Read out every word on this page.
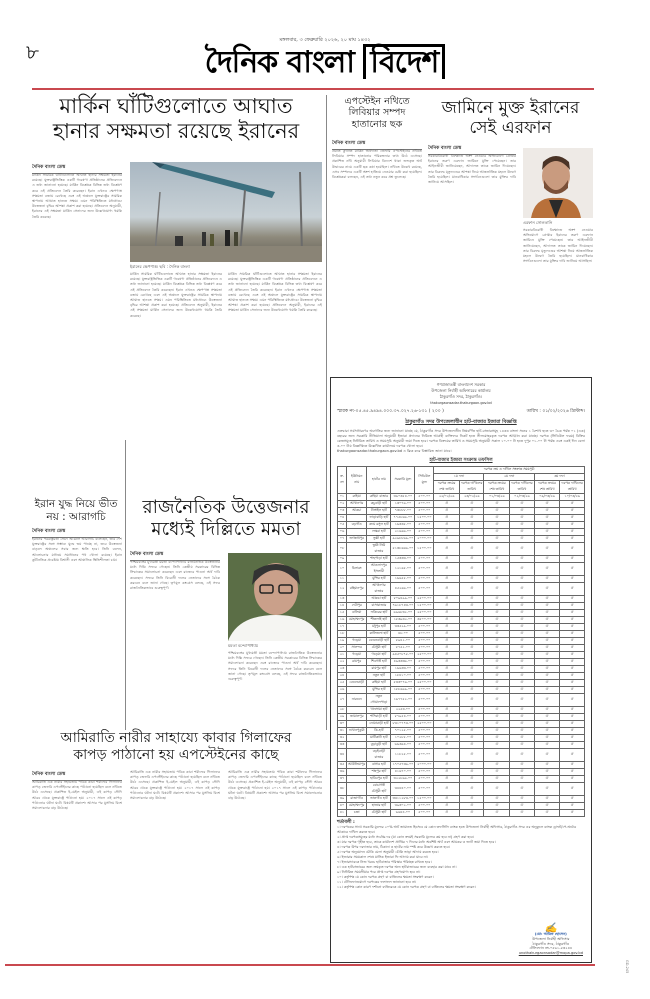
৮	মঙ্গলবার, ৩ ফেব্রুয়ারি ২০২৬, ২০ মাঘ ১৪৩২
দৈনিক বাংলা বিদেশ
মার্কিন ঘাঁটিগুলোতে আঘাত
হানার সক্ষমতা রয়েছে ইরানের
দৈনিক বাংলা ডেস্ক
মার্কিন সামরিক ঘাঁটিগুলোতে আঘাত হানার সক্ষমতা ইরানের রয়েছে। যুক্তরাষ্ট্রভিত্তিক একটি গবেষণা প্রতিষ্ঠানের প্রতিবেদনে এ তথ্য জানানো হয়েছে। মার্কিন বিশ্লেষক বিভিন্ন তথ্য বিশ্লেষণ করে এই প্রতিবেদন তৈরি করেছেন। ইরান এখনও ক্ষেপণাস্ত্র সক্ষমতা বজায় রেখেছে এবং এই অঞ্চলে যুক্তরাষ্ট্রের সামরিক স্থাপনায় আঘাত হানতে সক্ষম। এমন পরিস্থিতিতে মধ্যপ্রাচ্যে উত্তেজনা বৃদ্ধির আশঙ্কা প্রকাশ করা হয়েছে। প্রতিবেদন অনুযায়ী, ইরানের এই সক্ষমতা মার্কিন সেনাদের জন্য উল্লেখযোগ্য হুমকি তৈরি করেছে।
ইরানের ক্ষেপণাস্ত্র। ছবি : দৈনিক বাংলা
মার্কিন সামরিক ঘাঁটিগুলোতে আঘাত হানার সক্ষমতা ইরানের রয়েছে। যুক্তরাষ্ট্রভিত্তিক একটি গবেষণা প্রতিষ্ঠানের প্রতিবেদনে এ তথ্য জানানো হয়েছে। মার্কিন বিশ্লেষক বিভিন্ন তথ্য বিশ্লেষণ করে এই প্রতিবেদন তৈরি করেছেন। ইরান এখনও ক্ষেপণাস্ত্র সক্ষমতা বজায় রেখেছে এবং এই অঞ্চলে যুক্তরাষ্ট্রের সামরিক স্থাপনায় আঘাত হানতে সক্ষম। এমন পরিস্থিতিতে মধ্যপ্রাচ্যে উত্তেজনা বৃদ্ধির আশঙ্কা প্রকাশ করা হয়েছে। প্রতিবেদন অনুযায়ী, ইরানের এই সক্ষমতা মার্কিন সেনাদের জন্য উল্লেখযোগ্য হুমকি তৈরি করেছে।
মার্কিন সামরিক ঘাঁটিগুলোতে আঘাত হানার সক্ষমতা ইরানের রয়েছে। যুক্তরাষ্ট্রভিত্তিক একটি গবেষণা প্রতিষ্ঠানের প্রতিবেদনে এ তথ্য জানানো হয়েছে। মার্কিন বিশ্লেষক বিভিন্ন তথ্য বিশ্লেষণ করে এই প্রতিবেদন তৈরি করেছেন। ইরান এখনও ক্ষেপণাস্ত্র সক্ষমতা বজায় রেখেছে এবং এই অঞ্চলে যুক্তরাষ্ট্রের সামরিক স্থাপনায় আঘাত হানতে সক্ষম। এমন পরিস্থিতিতে মধ্যপ্রাচ্যে উত্তেজনা বৃদ্ধির আশঙ্কা প্রকাশ করা হয়েছে। প্রতিবেদন অনুযায়ী, ইরানের এই সক্ষমতা মার্কিন সেনাদের জন্য উল্লেখযোগ্য হুমকি তৈরি করেছে।
এপস্টেইন নথিতে
লিবিয়ার সম্পদ
হাতানোর ছক
দৈনিক বাংলা ডেস্ক
প্রয়াত কুখ্যাত মার্কিন অর্থদাতা জেফরি এপস্টেইনের নথিতে লিবিয়ার সম্পদ হাতানোর পরিকল্পনার তথ্য উঠে এসেছে। প্রকাশিত নথি অনুযায়ী লিবিয়ার বিদেশে থাকা জব্দকৃত অর্থ উদ্ধারের নামে একটি ছক কষা হয়েছিল। নথিতে উল্লেখ রয়েছে, এসব সম্পদের একটি অংশ হাতিয়ে নেওয়ার চেষ্টা করা হয়েছিল। বিশ্লেষকরা বলছেন, এই তথ্য নতুন করে প্রশ্ন তুলেছে।
জামিনে মুক্ত ইরানের
সেই এরফান
দৈনিক বাংলা ডেস্ক
সরকারবিরোধী বিক্ষোভে অংশ নেওয়ার অভিযোগে গ্রেপ্তার ইরানের তরুণ এরফান জামিনে মুক্তি পেয়েছেন। তার আইনজীবী জানিয়েছেন, আদালত তাকে জামিন দিয়েছেন। তার বিরুদ্ধে মৃত্যুদণ্ডের আশঙ্কা নিয়ে আন্তর্জাতিক মহলে উদ্বেগ তৈরি হয়েছিল। মানবাধিকার সংগঠনগুলো তার মুক্তির দাবি জানিয়ে আসছিল।
এরফান সোলতানি
সরকারবিরোধী বিক্ষোভে অংশ নেওয়ার অভিযোগে গ্রেপ্তার ইরানের তরুণ এরফান জামিনে মুক্তি পেয়েছেন। তার আইনজীবী জানিয়েছেন, আদালত তাকে জামিন দিয়েছেন। তার বিরুদ্ধে মৃত্যুদণ্ডের আশঙ্কা নিয়ে আন্তর্জাতিক মহলে উদ্বেগ তৈরি হয়েছিল। মানবাধিকার সংগঠনগুলো তার মুক্তির দাবি জানিয়ে আসছিল।
ইরান যুদ্ধ নিয়ে ভীত
নয় : আরাগচি
দৈনিক বাংলা ডেস্ক
ইরানের পররাষ্ট্রমন্ত্রী সৈয়দ আব্বাস আরাগচি বলেছেন, তার দেশ যুক্তরাষ্ট্রের সঙ্গে সম্ভাব্য যুদ্ধে ভয় পাচ্ছে না, তবে উত্তেজনা বাড়লে অঞ্চলের সবার জন্য ক্ষতি হবে। তিনি বলেন, আলোচনার মাধ্যমে সমাধানের পথ খোলা রয়েছে। ইরান কূটনৈতিক প্রচেষ্টায় বিশ্বাসী এবং আঞ্চলিক স্থিতিশীলতা চায়।
রাজনৈতিক উত্তেজনার
মধ্যেই দিল্লিতে মমতা
দৈনিক বাংলা ডেস্ক
পশ্চিমবঙ্গের মুখ্যমন্ত্রী মমতা বন্দ্যোপাধ্যায় রাজনৈতিক উত্তেজনার মধ্যে দিল্লি সফরে গেছেন। তিনি কেন্দ্রীয় সরকারের বিভিন্ন সিদ্ধান্তের সমালোচনা করেছেন এবং রাজ্যের পাওনা অর্থ দাবি করেছেন। সফরে তিনি বিরোধী দলের নেতাদের সঙ্গে বৈঠক করবেন বলে জানা গেছে। তৃণমূল কংগ্রেস বলছে, এই সফর রাজনৈতিকভাবে গুরুত্বপূর্ণ।
মমতা বন্দ্যোপাধ্যায়
পশ্চিমবঙ্গের মুখ্যমন্ত্রী মমতা বন্দ্যোপাধ্যায় রাজনৈতিক উত্তেজনার মধ্যে দিল্লি সফরে গেছেন। তিনি কেন্দ্রীয় সরকারের বিভিন্ন সিদ্ধান্তের সমালোচনা করেছেন এবং রাজ্যের পাওনা অর্থ দাবি করেছেন। সফরে তিনি বিরোধী দলের নেতাদের সঙ্গে বৈঠক করবেন বলে জানা গেছে। তৃণমূল কংগ্রেস বলছে, এই সফর রাজনৈতিকভাবে গুরুত্বপূর্ণ।
আমিরাতি নারীর সাহায্যে কাবার গিলাফের
কাপড় পাঠানো হয় এপস্টেইনের কাছে
দৈনিক বাংলা ডেস্ক
আমিরাতি এক নারীর সহায়তায় পবিত্র কাবা শরীফের গিলাফের কাপড় জেফরি এপস্টেইনের কাছে পাঠানো হয়েছিল বলে নথিতে উঠে এসেছে। প্রকাশিত ই-মেইল অনুযায়ী, এই কাপড় সৌদি আরব থেকে যুক্তরাষ্ট্রে পাঠানো হয়। ২০১৭ সালে এই কাপড় পাঠানোর ঘটনা ঘটে। বিষয়টি প্রকাশ্যে আসার পর মুসলিম বিশ্বে সমালোচনার ঝড় উঠেছে।
আমিরাতি এক নারীর সহায়তায় পবিত্র কাবা শরীফের গিলাফের কাপড় জেফরি এপস্টেইনের কাছে পাঠানো হয়েছিল বলে নথিতে উঠে এসেছে। প্রকাশিত ই-মেইল অনুযায়ী, এই কাপড় সৌদি আরব থেকে যুক্তরাষ্ট্রে পাঠানো হয়। ২০১৭ সালে এই কাপড় পাঠানোর ঘটনা ঘটে। বিষয়টি প্রকাশ্যে আসার পর মুসলিম বিশ্বে সমালোচনার ঝড় উঠেছে।
আমিরাতি এক নারীর সহায়তায় পবিত্র কাবা শরীফের গিলাফের কাপড় জেফরি এপস্টেইনের কাছে পাঠানো হয়েছিল বলে নথিতে উঠে এসেছে। প্রকাশিত ই-মেইল অনুযায়ী, এই কাপড় সৌদি আরব থেকে যুক্তরাষ্ট্রে পাঠানো হয়। ২০১৭ সালে এই কাপড় পাঠানোর ঘটনা ঘটে। বিষয়টি প্রকাশ্যে আসার পর মুসলিম বিশ্বে সমালোচনার ঝড় উঠেছে।
গণপ্রজাতন্ত্রী বাংলাদেশ সরকার
উপজেলা নির্বাহী অফিসারের কার্যালয়
ঠাকুরগাঁও সদর, ঠাকুরগাঁও।
thakurgaonsadar.thakurgaon.gov.bd
স্মারক নং-০৫.৪৫.৯৪৯৪.০০০.৩৭.০২৭.২৬-১৩১ ( ২০০ )	তারিখ : ০১/০২/২০২৬ খ্রিস্টাব্দ।
ঠাকুরগাঁও সদর উপজেলাধীন হাট-বাজার ইজারা বিজ্ঞপ্তি
এতদ্বারা সর্বসাধারণের অবগতির জন্য জানানো যাচ্ছে যে, ঠাকুরগাঁও সদর উপজেলাধীন নিম্নবর্ণিত হাট-বাজারসমূহ ১৪৩৩ বাংলা সনের ১ বৈশাখ হতে ৩০ চৈত্র পর্যন্ত ০১ (এক) বছরের জন্য সরকারি নীতিমালা অনুযায়ী ইজারা প্রদানের নিমিত্তে আগ্রহী ব্যক্তিদের নিকট হতে সীলমোহরকৃত দরপত্র আহ্বান করা যাচ্ছে। দরপত্র (সিডিউল ফরম) বিক্রির কেন্দ্রসমূহে নির্ধারিত তারিখ ও সময়সূচি অনুযায়ী জমা দিতে হবে। দরপত্র বিক্রয়ের তারিখ ও সময়সূচি অনুযায়ী সকাল ১০-০০ টা হতে দুপুর ০১-০০ টা পর্যন্ত এবং একই দিন বেলা ৩-০০ টায় বিজ্ঞপ্তিতে উল্লেখিত কার্যালয়ে দরপত্র খোলা হবে।
thakurgaonsadar.thakurgaon.gov.bd এ ক্লিক করে বিস্তারিত জানা যাবে।
হাট-বাজার ইজারা সংক্রান্ত তফসিল
ক্র. নং	ইউনিয়ন নাম	হাটের নাম	সরকারি মূল্য	সিডিউল মূল্য	দরপত্র ক্রয় ও দাখিল সংক্রান্ত সময়সূচী					
					১ম দফা		২য় দফা		৩য় দফা	
					দরপত্র ক্রয়ের শেষ তারিখ	দরপত্র দাখিলের তারিখ	দরপত্র ক্রয়ের শেষ তারিখ	দরপত্র দাখিলের তারিখ	দরপত্র ক্রয়ের শেষ তারিখ	দরপত্র দাখিলের তারিখ
০১	রুহিয়া	রুহিয়া বাজার	৩৬০৩৫৪.০০	৫০০.০০	২২/০২/২৬	২৩/০২/২৬	০১/০৩/২৬	০২/০৩/২৬	০৯/০৩/২৬	১০/০৩/২৬
০২	আখানগর	কচুবাড়ী হাট	১৩০৭৬.০০	৫০০.০০	ঐ	ঐ	ঐ	ঐ	ঐ	ঐ
০৩	আকচা	টাঙ্গাইল হাট	৭৩৮৮৮.০০	৫০০.০০	ঐ	ঐ	ঐ	ঐ	ঐ	ঐ
০৪		ফাড়াবাড়ি হাট	৭৭৫৮৬৬.০০	১৫০০.০০	ঐ	ঐ	ঐ	ঐ	ঐ	ঐ
০৫	বড়গাঁও	কদম রসুল হাট	১৬৩৩৫.০০	৫০০.০০	ঐ	ঐ	ঐ	ঐ	ঐ	ঐ
০৬		লস্করা হাট	২১৬৬৬.০০	৫০০.০০	ঐ	ঐ	ঐ	ঐ	ঐ	ঐ
০৭	জগন্নাথপুর	ভুল্লী হাট	৯২৯৮৮৬৯.০০	২০০০.০০	ঐ	ঐ	ঐ	ঐ	ঐ	ঐ
০৮		ভুল্লী নিউ বাজার	৫১৩৮৬৬৬.০০	১৫০০.০০	ঐ	ঐ	ঐ	ঐ	ঐ	ঐ
০৯		শাহপাড়া হাট	১৫৩৩৩.০০	৫০০.০০	ঐ	ঐ	ঐ	ঐ	ঐ	ঐ
১০	চিলারং	আওলাদপুর ইসলামী	১২১৬৫.০০	৫০০.০০	ঐ	ঐ	ঐ	ঐ	ঐ	ঐ
১১		মুন্সির হাট	১৬৬৫৫.০০	৫০০.০০	ঐ	ঐ	ঐ	ঐ	ঐ	ঐ
১২	রহিমানপুর	আখানগর বাজার	৪৫২৬৬.০০	৫০০.০০	ঐ	ঐ	ঐ	ঐ	ঐ	ঐ
১৩		আকচা হাট	৮০৯৪৯৯.০০	২৫০০.০০	ঐ	ঐ	ঐ	ঐ	ঐ	ঐ
১৪	দেবীপুর	বাসাবাজার	৭৬১৮৭৪৩.০০	১৫০০.০০	ঐ	ঐ	ঐ	ঐ	ঐ	ঐ
১৫	বালিয়া	ফকিরের হাট	৬৯৬৮৩২.০০	২৫০০.০০	ঐ	ঐ	ঐ	ঐ	ঐ	ঐ
১৬	মোহাম্মদপুর	শীতলাই হাট	১৮৩৯৩২.০০	৩৫০০.০০	ঐ	ঐ	ঐ	ঐ	ঐ	ঐ
১৭		মধুপুর হাট	৩৩৫২৯.০০	৫০০.০০	ঐ	ঐ	ঐ	ঐ	ঐ	ঐ
১৮		কালিতলা হাট	৪৮.০০	৫০০.০০	ঐ	ঐ	ঐ	ঐ	ঐ	ঐ
১৯	গড়েয়া	বেগুনবাড়ী হাট	৮৯৪২.০০	৫০০.০০	ঐ	ঐ	ঐ	ঐ	ঐ	ঐ
২০	সালন্দর	চৌধুরী হাট	৮৭৫২.০০	৫০০.০০	ঐ	ঐ	ঐ	ঐ	ঐ	ঐ
২১	গড়েয়া	গড়েয়া হাট	৯৪৫০৮৭৫.০০	২৫০০.০০	ঐ	ঐ	ঐ	ঐ	ঐ	ঐ
২২	রায়পুর	শিবগঞ্জ হাট	৪৯৩৩৩৬.০০	৫০০.০০	ঐ	ঐ	ঐ	ঐ	ঐ	ঐ
২৩		রায়পুর হাট	১৬৬৩৩.০০	৫০০.০০	ঐ	ঐ	ঐ	ঐ	ঐ	ঐ
২৪		নতুন হাট	১৮৪১০.০০	৫০০.০০	ঐ	ঐ	ঐ	ঐ	ঐ	ঐ
২৫	বেগুনবাড়ী	রুহিয়া হাট	৫৩৩০৭৬.০০	২৫০০.০০	ঐ	ঐ	ঐ	ঐ	ঐ	ঐ
২৬		মুন্সির হাট	১৮৮৬৬৯.০০	৫০০.০০	ঐ	ঐ	ঐ	ঐ	ঐ	ঐ
২৭	নারগুন	নতুন গোয়ালপাড়া	১৬৭৭৫২.০০	৫০০.০০	ঐ	ঐ	ঐ	ঐ	ঐ	ঐ
২৮		খানসামা হাট	২২৫৩.০০	৫০০.০০	ঐ	ঐ	ঐ	ঐ	ঐ	ঐ
২৯	জামালপুর	শসিবাড়ী হাট	৮৭৯৫৪.০০	৫০০.০০	ঐ	ঐ	ঐ	ঐ	ঐ	ঐ
৩০		নোয়াবাড়ী হাট	৮৩১০৭৭৩.০০	২৫০০.০০	ঐ	ঐ	ঐ	ঐ	ঐ	ঐ
৩১	শুখানপুকুরী	কি-হাট	৭০১২৫.০০	৫০০.০০	ঐ	ঐ	ঐ	ঐ	ঐ	ঐ
৩২		মাটিকাটা হাট	১০২৮৫.০০	৫০০.০০	ঐ	ঐ	ঐ	ঐ	ঐ	ঐ
৩৩		বুড়াবুড়ী হাট	৬৬৩৬৪.০০	৫০০.০০	ঐ	ঐ	ঐ	ঐ	ঐ	ঐ
৩৪		বড়ইবাড়ী বাজার	১১৮২৫.০০	৫০০.০০	ঐ	ঐ	ঐ	ঐ	ঐ	ঐ
৩৫	আউলিয়াপুর	বাসার হাট	১৭০৫৭৩৬.০০	২০০০.০০	ঐ	ঐ	ঐ	ঐ	ঐ	ঐ
৩৬		শাহপুর হাট	৪১৬৭০.০০	৫০০.০০	ঐ	ঐ	ঐ	ঐ	ঐ	ঐ
৩৭		হাবিবপুর হাট	৩২২৮৯৬.০০	৫০০.০০	ঐ	ঐ	ঐ	ঐ	ঐ	ঐ
৩৮		বোচাগঞ্জ চৌধুরী হাট	৩৪৪৪০.০০	৫০০.০০	ঐ	ঐ	ঐ	ঐ	ঐ	ঐ
৩৯	রাজাগাঁও	ভাতগাঁও হাট	৩৩১১২৮৩.০০	১৫০০.০০	ঐ	ঐ	ঐ	ঐ	ঐ	ঐ
৪০	মোহাম্মদপুর	হাজার হাট	৩৯৩০২.০০	৫০০.০০	ঐ	ঐ	ঐ	ঐ	ঐ	ঐ
৪১	চন্দ্রা	চৌধুরী হাট	৬৬৪৪.০০	৫০০.০০	ঐ	ঐ	ঐ	ঐ	ঐ	ঐ
শর্তাবলী :
১। দরপত্রের সাথে সরকারি মূল্যের ২০% অর্থ জামানত হিসেবে যে কোন তফসিলি ব্যাংক হতে উপজেলা নির্বাহী অফিসার, ঠাকুরগাঁও সদর এর অনুকূলে ব্যাংক ড্রাফট/পে-অর্ডার আকারে দাখিল করতে হবে।
২। প্রাপ্ত দরপত্রসমূহের মধ্যে সর্বোচ্চ দর (যা কোন ক্রমেই সরকারি মূল্যের কম হবে না) গ্রহণ করা হবে।
৩। যার দরপত্র গৃহীত হবে, তাকে কার্যাদেশ প্রাপ্তির ৭ দিনের মধ্যে অবশিষ্ট অর্থ এবং আয়কর ও ভ্যাট জমা দিতে হবে।
৪। দরপত্র উপর দরদাতার নাম, ঠিকানা ও হাটের নাম স্পষ্ট করে উল্লেখ করতে হবে।
৫। দরপত্র অনুমোদন চৌকি মেলা অনুযায়ী চৌকি ভাড়া আদায় করতে হবে।
৬। ইজারার সময়কাল শেষে মাসিক ইজারা ফি আদায় করা যাবে না।
৭। ইজারাদারকে নিজ খরচে হাটবাজার পরিস্কার পরিচ্ছন্ন রাখতে হবে।
৮। এক হাটবাজারের জন্য ক্রয়কৃত দরপত্র অন্য হাটবাজারের জন্য ব্যবহার করা যাবে না।
৯। নির্ধারিত সময়সীমার পরে প্রাপ্ত দরপত্র গ্রহণযোগ্য হবে না।
১০। কর্তৃপক্ষ যে কোন দরপত্র গ্রহণ বা বাতিলের ক্ষমতা সংরক্ষণ করেন।
১১। টেলিফোনযোগে দরপত্রের ফলাফল জানানো হবে না।
১২। কর্তৃপক্ষ কোন কারণ দর্শানো ব্যতিরেকে যে কোন দরপত্র গ্রহণ বা বাতিলের ক্ষমতা সংরক্ষণ করেন।
✍
(মো: আরিফ হোসেন)
উপজেলা নির্বাহী অফিসার
ঠাকুরগাঁও সদর, ঠাকুরগাঁও
টেলিফোন নং-০৫৬১-৫৩২৪৪
unothakurgaonsadar@mopa.gov.bd
GD-245
